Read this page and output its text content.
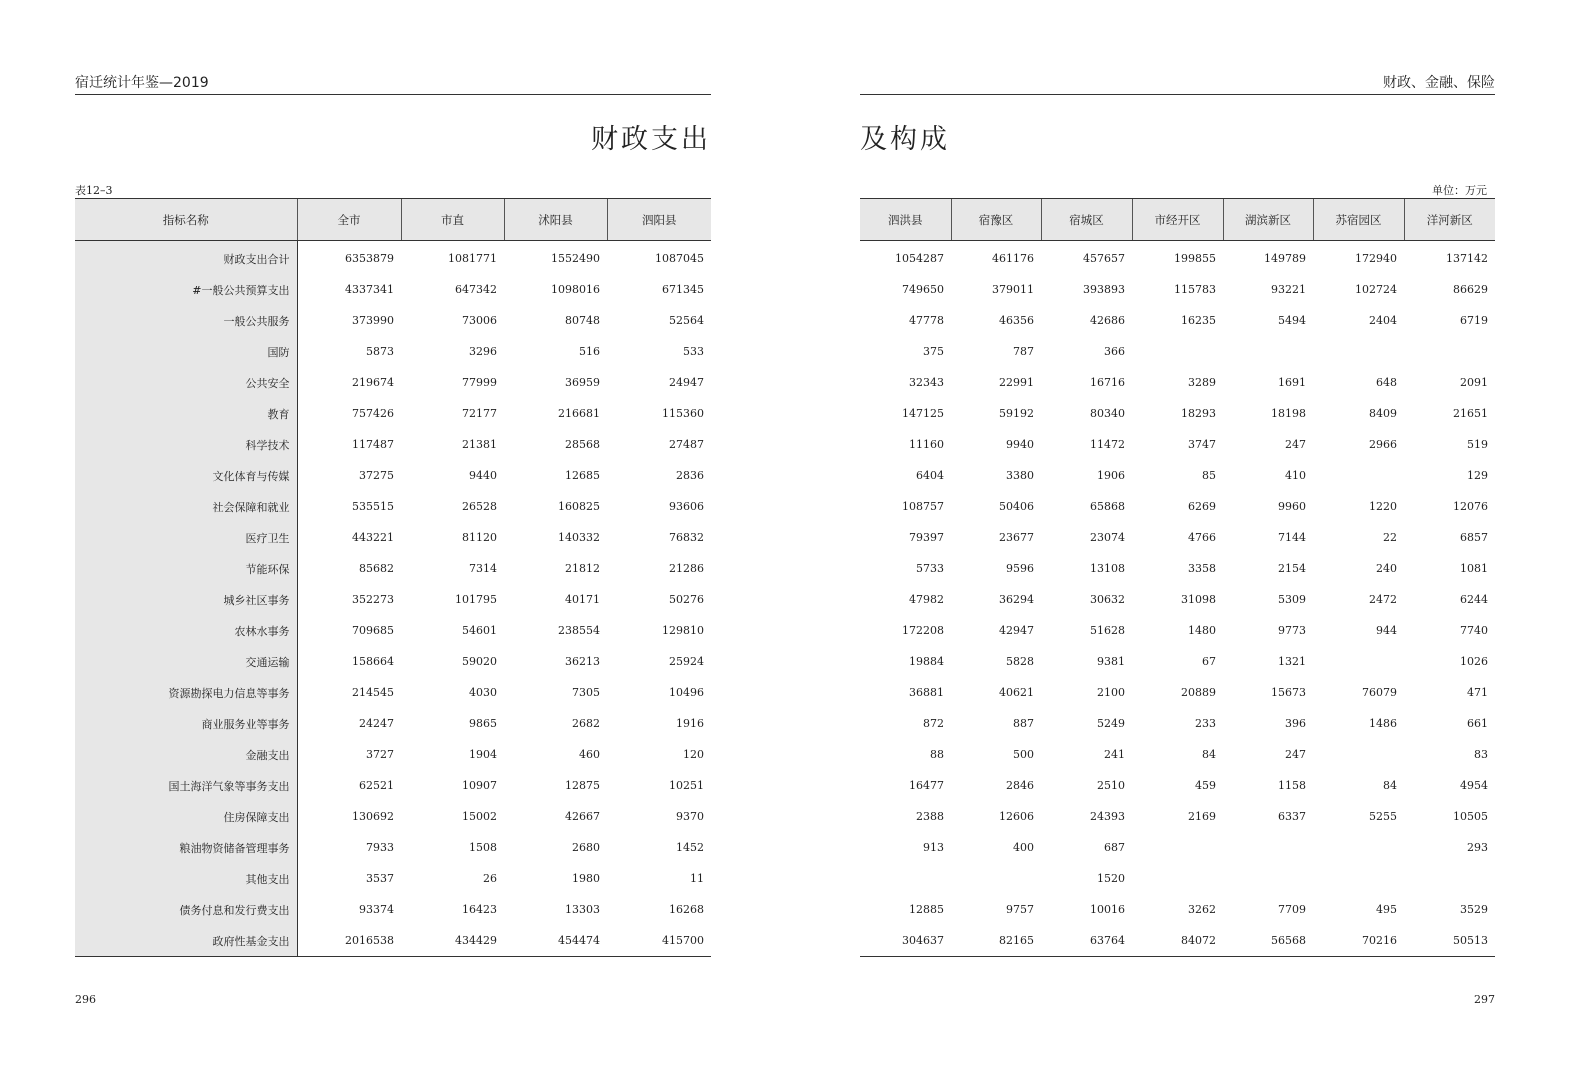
宿迁统计年鉴—2019
财政支出
表12–3
指标名称	全市	市直	沭阳县	泗阳县
财政支出合计	6353879	1081771	1552490	1087045
#一般公共预算支出	4337341	647342	1098016	671345
一般公共服务	373990	73006	80748	52564
国防	5873	3296	516	533
公共安全	219674	77999	36959	24947
教育	757426	72177	216681	115360
科学技术	117487	21381	28568	27487
文化体育与传媒	37275	9440	12685	2836
社会保障和就业	535515	26528	160825	93606
医疗卫生	443221	81120	140332	76832
节能环保	85682	7314	21812	21286
城乡社区事务	352273	101795	40171	50276
农林水事务	709685	54601	238554	129810
交通运输	158664	59020	36213	25924
资源勘探电力信息等事务	214545	4030	7305	10496
商业服务业等事务	24247	9865	2682	1916
金融支出	3727	1904	460	120
国土海洋气象等事务支出	62521	10907	12875	10251
住房保障支出	130692	15002	42667	9370
粮油物资储备管理事务	7933	1508	2680	1452
其他支出	3537	26	1980	11
债务付息和发行费支出	93374	16423	13303	16268
政府性基金支出	2016538	434429	454474	415700
296
财政、金融、保险
及构成
单位：万元
泗洪县	宿豫区	宿城区	市经开区	湖滨新区	苏宿园区	洋河新区
1054287	461176	457657	199855	149789	172940	137142
749650	379011	393893	115783	93221	102724	86629
47778	46356	42686	16235	5494	2404	6719
375	787	366				
32343	22991	16716	3289	1691	648	2091
147125	59192	80340	18293	18198	8409	21651
11160	9940	11472	3747	247	2966	519
6404	3380	1906	85	410		129
108757	50406	65868	6269	9960	1220	12076
79397	23677	23074	4766	7144	22	6857
5733	9596	13108	3358	2154	240	1081
47982	36294	30632	31098	5309	2472	6244
172208	42947	51628	1480	9773	944	7740
19884	5828	9381	67	1321		1026
36881	40621	2100	20889	15673	76079	471
872	887	5249	233	396	1486	661
88	500	241	84	247		83
16477	2846	2510	459	1158	84	4954
2388	12606	24393	2169	6337	5255	10505
913	400	687				293
		1520				
12885	9757	10016	3262	7709	495	3529
304637	82165	63764	84072	56568	70216	50513
297
